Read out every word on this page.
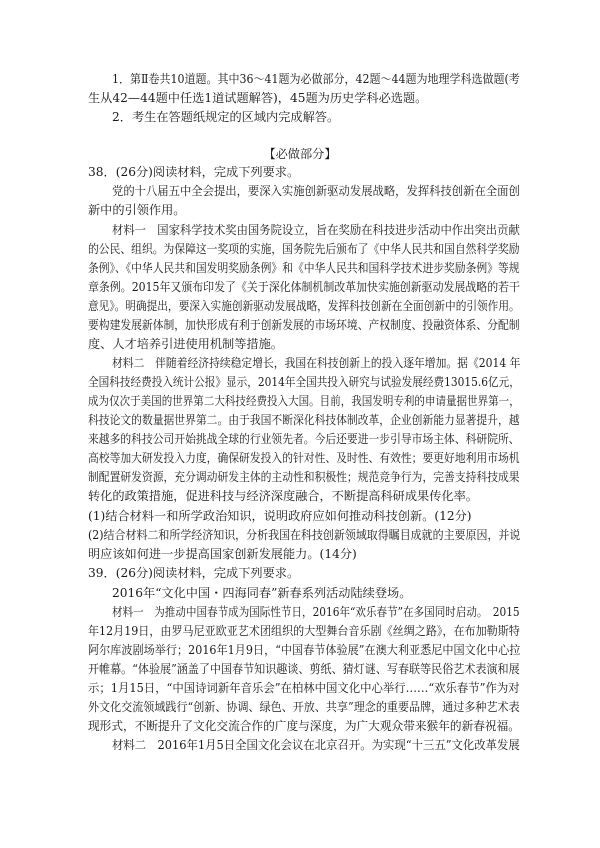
1．第Ⅱ卷共10道题。其中36～41题为必做部分，42题～44题为地理学科选做题(考
生从42—44题中任选1道试题解答)，45题为历史学科必选题。
2．考生在答题纸规定的区域内完成解答。
【必做部分】
38．(26分)阅读材料，完成下列要求。
党的十八届五中全会提出，要深入实施创新驱动发展战略，发挥科技创新在全面创
新中的引领作用。
材料一　国家科学技术奖由国务院设立，旨在奖励在科技进步活动中作出突出贡献
的公民、组织。为保障这一奖项的实施，国务院先后颁布了《中华人民共和国自然科学奖励
条例》、《中华人民共和国发明奖励条例》和《中华人民共和国科学技术进步奖励条例》等规
章条例。2015年又颁布印发了《关于深化体制机制改革加快实施创新驱动发展战略的若干
意见》。明确提出，要深入实施创新驱动发展战略，发挥科技创新在全面创新中的引领作用。
要构建发展新体制，加快形成有利于创新发展的市场环境、产权制度、投融资体系、分配制
度、人才培养引进使用机制等措施。
材料二　伴随着经济持续稳定增长，我国在科技创新上的投入逐年增加。据《2014 年
全国科技经费投入统计公报》显示，2014年全国共投入研究与试验发展经费13015.6亿元，
成为仅次于美国的世界第二大科技经费投入大国。目前，我国发明专利的申请量据世界第一，
科技论文的数量据世界第二。由于我国不断深化科技体制改革，企业创新能力显著提升，越
来越多的科技公司开始挑战全球的行业领先者。今后还要进一步引导市场主体、科研院所、
高校等加大研发投入力度，确保研发投入的针对性、及时性、有效性；要更好地利用市场机
制配置研发资源，充分调动研发主体的主动性和积极性；规范竞争行为，完善支持科技成果
转化的政策措施，促进科技与经济深度融合，不断提高科研成果传化率。
(1)结合材料一和所学政治知识，说明政府应如何推动科技创新。(12分)
(2)结合材料二和所学经济知识，分析我国在科技创新领域取得瞩目成就的主要原因，并说
明应该如何进一步提高国家创新发展能力。(14分)
39．(26分)阅读材料，完成下列要求。
2016年“文化中国・四海同春”新春系列活动陆续登场。
材料一　为推动中国春节成为国际性节日，2016年“欢乐春节”在多国同时启动。　2015
年12月19日，由罗马尼亚欧亚艺术团组织的大型舞台音乐剧《丝绸之路》，在布加勒斯特
阿尔库波剧场举行；2016年1月9日，“中国春节体验展”在澳大利亚悉尼中国文化中心拉
开帷幕。“体验展”涵盖了中国春节知识趣谈、剪纸、猜灯谜、写春联等民俗艺术表演和展
示；1月15日，“中国诗词新年音乐会”在柏林中国文化中心举行……“欢乐春节”作为对
外文化交流领域践行“创新、协调、绿色、开放、共享”理念的重要品牌，通过多种艺术表
现形式，不断提升了文化交流合作的广度与深度，为广大观众带来猴年的新春祝福。
材料二　2016年1月5日全国文化会议在北京召开。为实现“十三五”文化改革发展
